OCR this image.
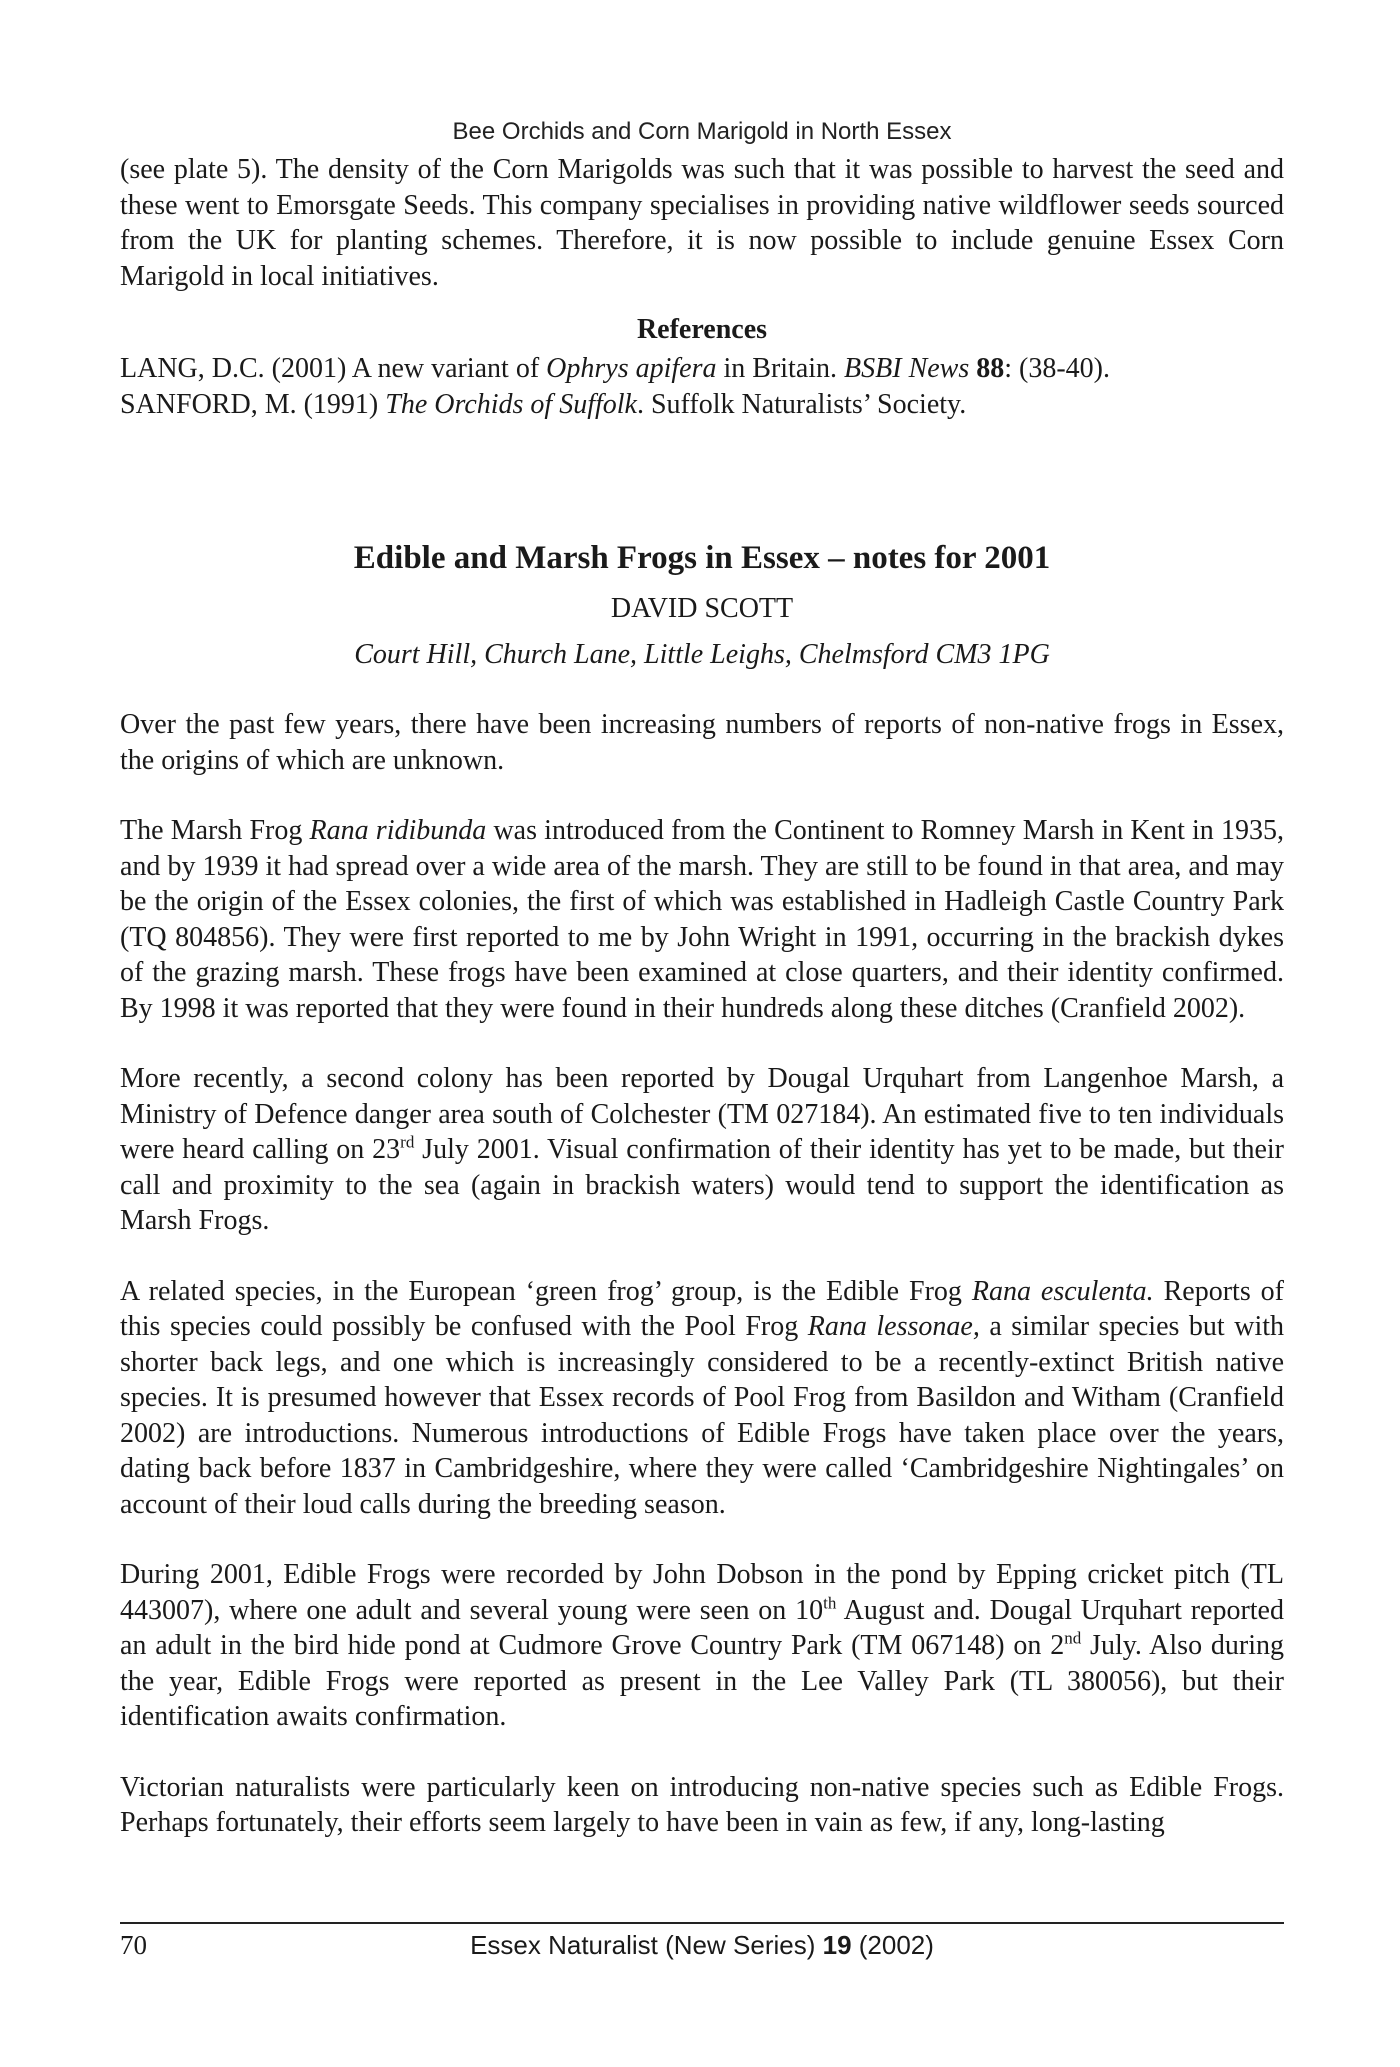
Bee Orchids and Corn Marigold in North Essex

(see plate 5). The density of the Corn Marigolds was such that it was possible to harvest the seed and these went to Emorsgate Seeds. This company specialises in providing native wildflower seeds sourced from the UK for planting schemes. Therefore, it is now possible to include genuine Essex Corn Marigold in local initiatives.

References

LANG, D.C. (2001) A new variant of Ophrys apifera in Britain. BSBI News 88: (38-40).

SANFORD, M. (1991) The Orchids of Suffolk. Suffolk Naturalists’ Society.

Edible and Marsh Frogs in Essex – notes for 2001
DAVID SCOTT
Court Hill, Church Lane, Little Leighs, Chelmsford CM3 1PG

Over the past few years, there have been increasing numbers of reports of non-native frogs in Essex, the origins of which are unknown.

The Marsh Frog Rana ridibunda was introduced from the Continent to Romney Marsh in Kent in 1935, and by 1939 it had spread over a wide area of the marsh. They are still to be found in that area, and may be the origin of the Essex colonies, the first of which was established in Hadleigh Castle Country Park (TQ 804856). They were first reported to me by John Wright in 1991, occurring in the brackish dykes of the grazing marsh. These frogs have been examined at close quarters, and their identity confirmed. By 1998 it was reported that they were found in their hundreds along these ditches (Cranfield 2002).

More recently, a second colony has been reported by Dougal Urquhart from Langenhoe Marsh, a Ministry of Defence danger area south of Colchester (TM 027184). An estimated five to ten individuals were heard calling on 23rd July 2001. Visual confirmation of their identity has yet to be made, but their call and proximity to the sea (again in brackish waters) would tend to support the identification as Marsh Frogs.

A related species, in the European ‘green frog’ group, is the Edible Frog Rana esculenta. Reports of this species could possibly be confused with the Pool Frog Rana lessonae, a similar species but with shorter back legs, and one which is increasingly considered to be a recently-extinct British native species. It is presumed however that Essex records of Pool Frog from Basildon and Witham (Cranfield 2002) are introductions. Numerous introductions of Edible Frogs have taken place over the years, dating back before 1837 in Cambridgeshire, where they were called ‘Cambridgeshire Nightingales’ on account of their loud calls during the breeding season.

During 2001, Edible Frogs were recorded by John Dobson in the pond by Epping cricket pitch (TL 443007), where one adult and several young were seen on 10th August and. Dougal Urquhart reported an adult in the bird hide pond at Cudmore Grove Country Park (TM 067148) on 2nd July. Also during the year, Edible Frogs were reported as present in the Lee Valley Park (TL 380056), but their identification awaits confirmation.

Victorian naturalists were particularly keen on introducing non-native species such as Edible Frogs. Perhaps fortunately, their efforts seem largely to have been in vain as few, if any, long-lasting

70	Essex Naturalist (New Series) 19 (2002)
